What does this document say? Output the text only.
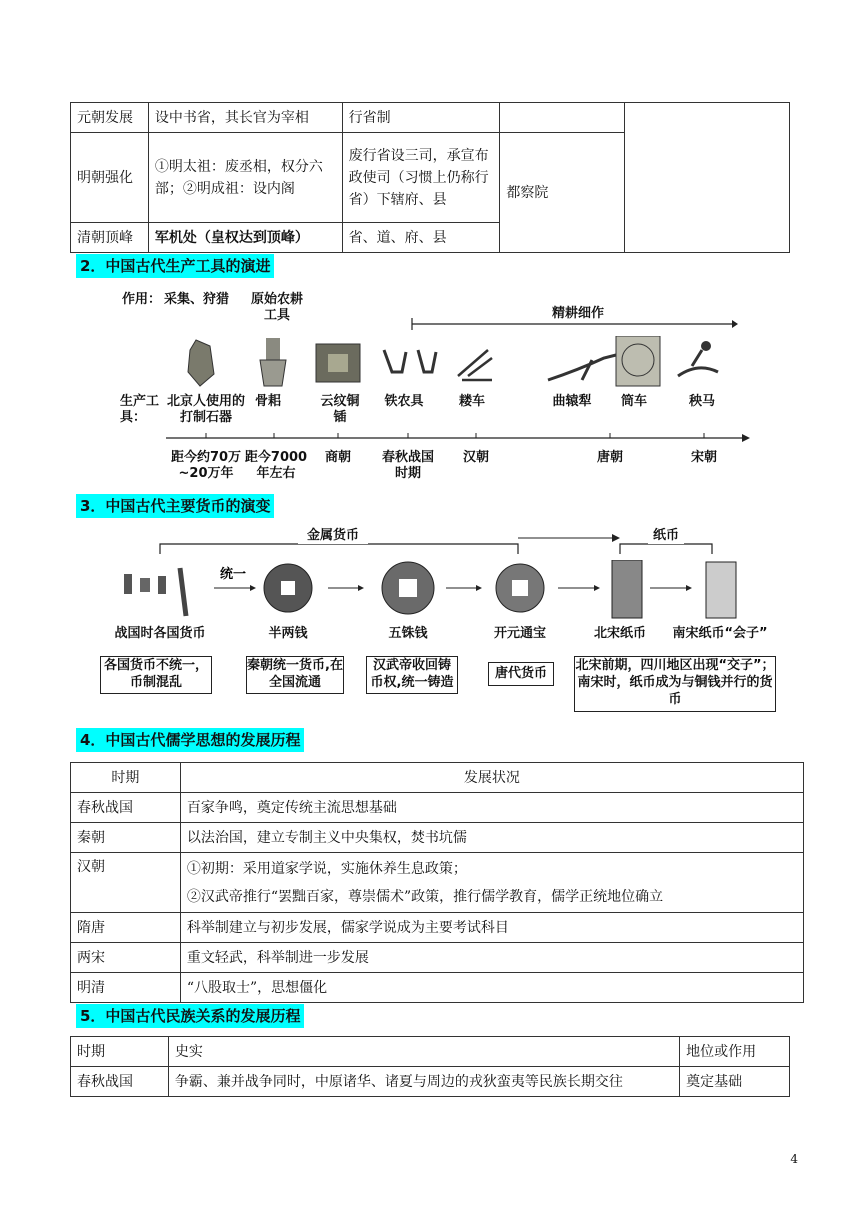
元朝发展	设中书省，其长官为宰相	行省制		
明朝强化	①明太祖：废丞相，权分六部；②明成祖：设内阁	废行省设三司，承宣布政使司（习惯上仍称行省）下辖府、县	都察院	
清朝顶峰	军机处（皇权达到顶峰）	省、道、府、县		
2．中国古代生产工具的演进
作用： 采集、狩猎	原始农耕工具	精耕细作
生产工具：
北京人使用的打制石器
骨耜	云纹铜锸
铁农具	耧车	曲辕犁	筒车	秧马
距今约70万~20万年
距今7000年左右
商朝	春秋战国时期
汉朝	唐朝	宋朝
3．中国古代主要货币的演变
金属货币	纸币
统一
战国时各国货币	半两钱	五铢钱	开元通宝	北宋纸币	南宋纸币“会子”
各国货币不统一，币制混乱
秦朝统一货币,在全国流通
汉武帝收回铸币权,统一铸造
唐代货币
北宋前期，四川地区出现“交子”；南宋时，纸币成为与铜钱并行的货币
4．中国古代儒学思想的发展历程
时期	发展状况
春秋战国	百家争鸣，奠定传统主流思想基础
秦朝	以法治国，建立专制主义中央集权，焚书坑儒
汉朝	①初期：采用道家学说，实施休养生息政策；
②汉武帝推行“罢黜百家，尊崇儒术”政策，推行儒学教育，儒学正统地位确立

隋唐	科举制建立与初步发展，儒家学说成为主要考试科目
两宋	重文轻武，科举制进一步发展
明清	“八股取士”，思想僵化
5．中国古代民族关系的发展历程
时期	史实	地位或作用
春秋战国	争霸、兼并战争同时，中原诸华、诸夏与周边的戎狄蛮夷等民族长期交往	奠定基础
4
